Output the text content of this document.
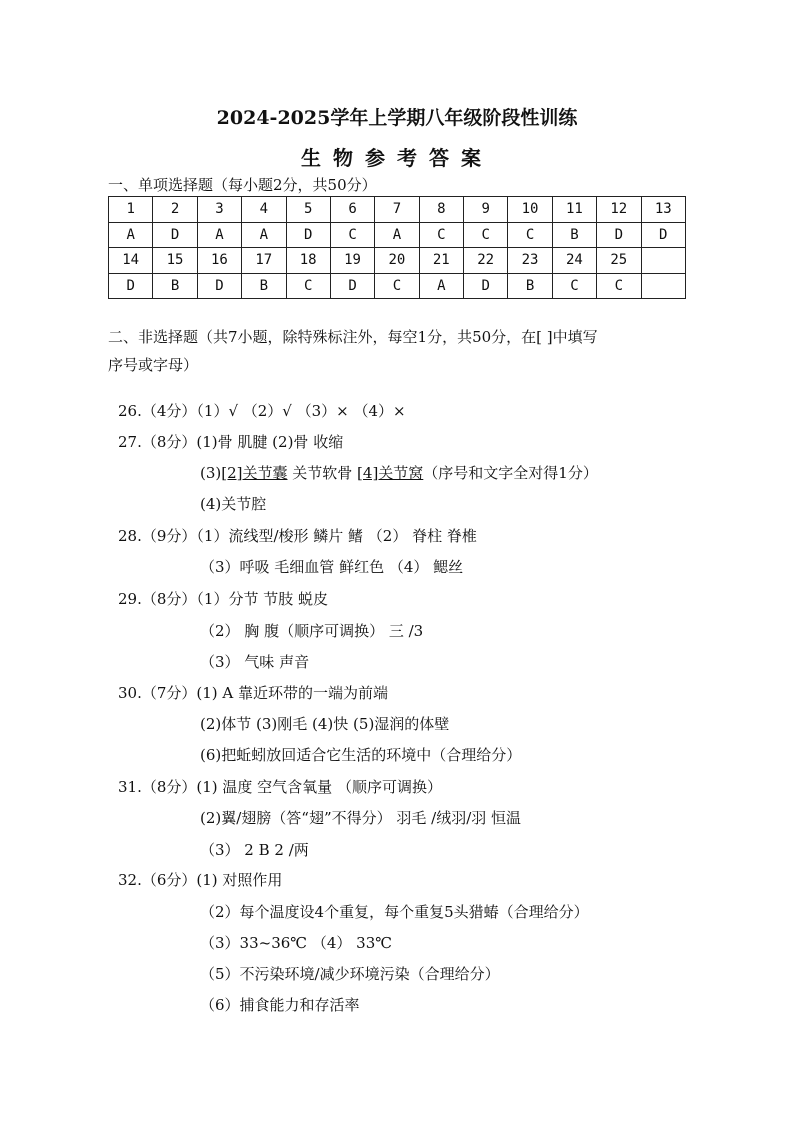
2024-2025学年上学期八年级阶段性训练
生物参考答案
一、单项选择题（每小题2分，共50分）
1	2	3	4	5	6	7	8	9	10	11	12	13
A	D	A	A	D	C	A	C	C	C	B	D	D
14	15	16	17	18	19	20	21	22	23	24	25	
D	B	D	B	C	D	C	A	D	B	C	C	
二、非选择题（共7小题，除特殊标注外，每空1分，共50分，在[ ]中填写
序号或字母）
26.（4分）（1）√ （2）√ （3）× （4）×
27.（8分）(1)骨 肌腱 (2)骨 收缩
(3)[2]关节囊 关节软骨 [4]关节窝（序号和文字全对得1分）
(4)关节腔
28.（9分）（1）流线型/梭形 鳞片 鳍 （2） 脊柱 脊椎
（3）呼吸 毛细血管 鲜红色 （4） 鳃丝
29.（8分）（1）分节 节肢 蜕皮
（2） 胸 腹（顺序可调换） 三 /3
（3） 气味 声音
30.（7分）(1) A 靠近环带的一端为前端
(2)体节 (3)刚毛 (4)快 (5)湿润的体壁
(6)把蚯蚓放回适合它生活的环境中（合理给分）
31.（8分）(1) 温度 空气含氧量 （顺序可调换）
(2)翼/翅膀（答“翅”不得分） 羽毛 /绒羽/羽 恒温
（3） 2 B 2 /两
32.（6分）(1) 对照作用
（2）每个温度设4个重复，每个重复5头猎蝽（合理给分）
（3）33~36℃ （4） 33℃
（5）不污染环境/减少环境污染（合理给分）
（6）捕食能力和存活率
